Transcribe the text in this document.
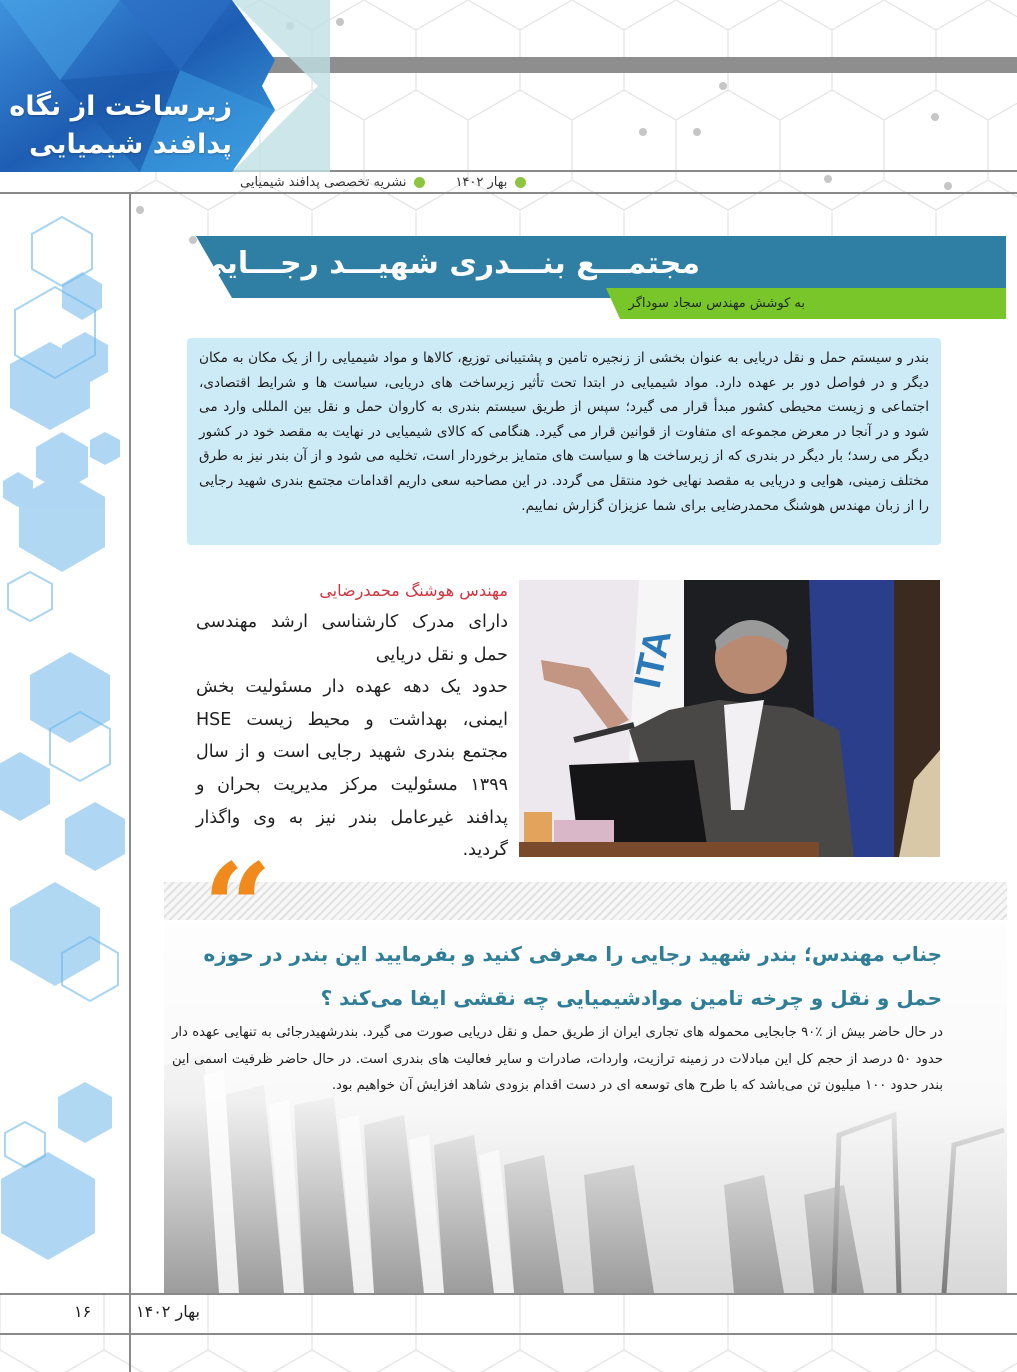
زیرساخت از نگاه
پدافند شیمیایی
بهار ۱۴۰۲
نشریه تخصصی پدافند شیمیایی
مجتمـــع بنـــدری شهیـــد رجـــایی
به کوشش مهندس سجاد سوداگر
بندر و سیستم حمل و نقل دریایی به عنوان بخشی از زنجیره تامین و پشتیبانی توزیع، کالاها و مواد شیمیایی را از یک مکان به مکان دیگر و در فواصل دور بر عهده دارد. مواد شیمیایی در ابتدا تحت تأثیر زیرساخت های دریایی، سیاست ها و شرایط اقتصادی، اجتماعی و زیست محیطی کشور مبدأ قرار می گیرد؛ سپس از طریق سیستم بندری به کاروان حمل و نقل بین المللی وارد می شود و در آنجا در معرض مجموعه ای متفاوت از قوانین قرار می گیرد. هنگامی که کالای شیمیایی در نهایت به مقصد خود در کشور دیگر می رسد؛ بار دیگر در بندری که از زیرساخت ها و سیاست های متمایز برخوردار است، تخلیه می شود و از آن بندر نیز به طرق مختلف زمینی، هوایی و دریایی به مقصد نهایی خود منتقل می گردد. در این مصاحبه سعی داریم اقدامات مجتمع بندری شهید رجایی را از زبان مهندس هوشنگ محمدرضایی برای شما عزیزان گزارش نماییم.
مهندس هوشنگ محمدرضایی

دارای مدرک کارشناسی ارشد مهندسی حمل و نقل دریایی

حدود یک دهه عهده دار مسئولیت بخش ایمنی، بهداشت و محیط زیست HSE مجتمع بندری شهید رجایی است و از سال ۱۳۹۹ مسئولیت مرکز مدیریت بحران و پدافند غیرعامل بندر نیز به وی واگذار گردید.

ITA
“
جناب مهندس؛ بندر شهید رجایی را معرفی کنید و بفرمایید این بندر در حوزه حمل و نقل و چرخه تامین موادشیمیایی چه نقشی ایفا می‌کند ؟
در حال حاضر بیش از ٪۹۰ جابجایی محموله های تجاری ایران از طریق حمل و نقل دریایی صورت می گیرد. بندرشهیدرجائی به تنهایی عهده دار حدود ۵۰ درصد از حجم کل این مبادلات در زمینه ترازیت، واردات، صادرات و سایر فعالیت های بندری است. در حال حاضر ظرفیت اسمی این بندر حدود ۱۰۰ میلیون تن می‌باشد که با طرح های توسعه ای در دست اقدام بزودی شاهد افزایش آن خواهیم بود.
۱۶	بهار ۱۴۰۲
